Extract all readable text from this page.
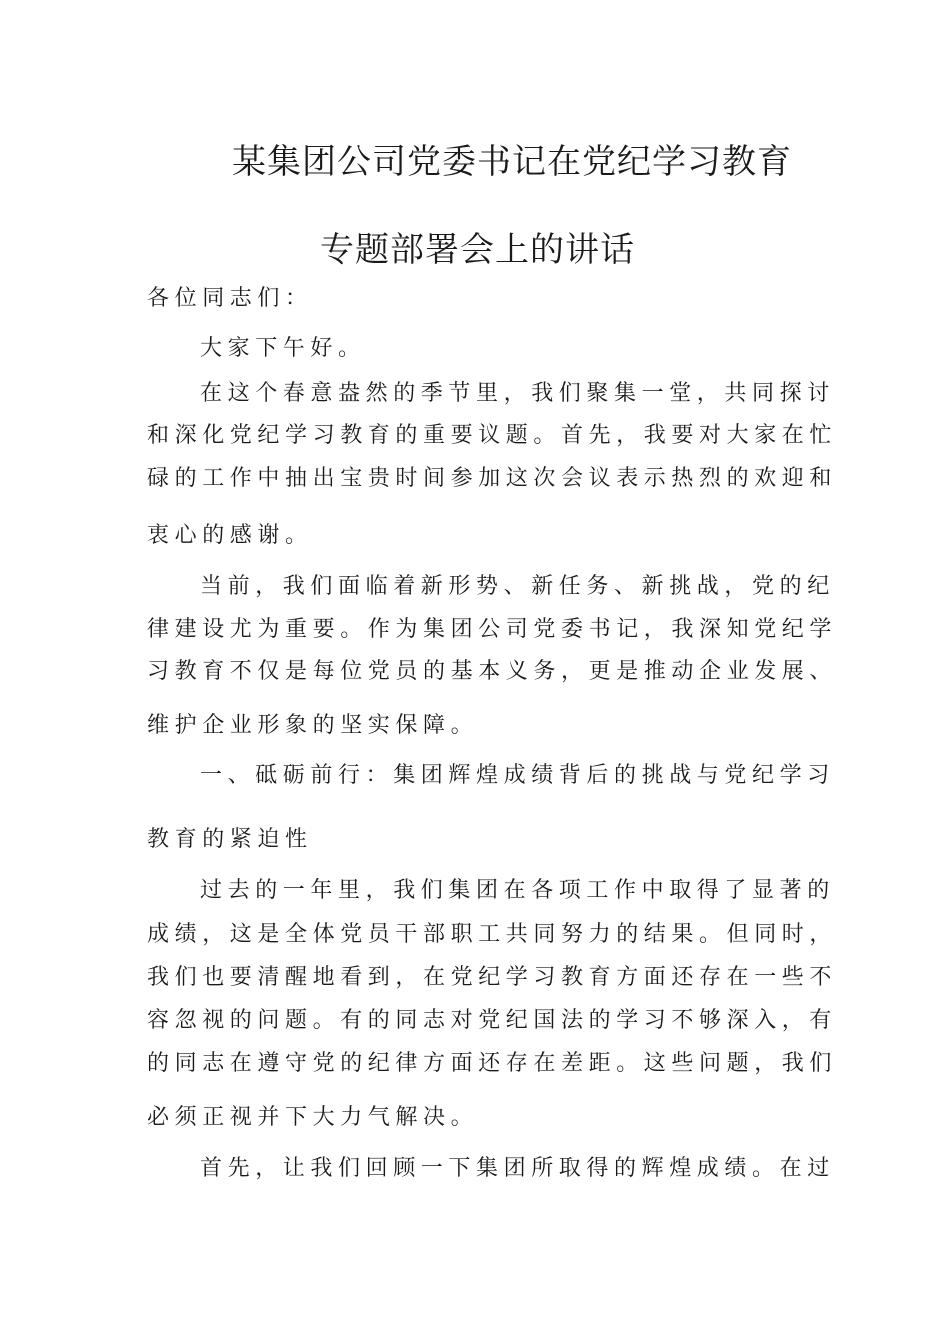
某集团公司党委书记在党纪学习教育
专题部署会上的讲话
各位同志们：
大家下午好。
在这个春意盎然的季节里，我们聚集一堂，共同探讨
和深化党纪学习教育的重要议题。首先，我要对大家在忙
碌的工作中抽出宝贵时间参加这次会议表示热烈的欢迎和
衷心的感谢。
当前，我们面临着新形势、新任务、新挑战，党的纪
律建设尤为重要。作为集团公司党委书记，我深知党纪学
习教育不仅是每位党员的基本义务，更是推动企业发展、
维护企业形象的坚实保障。
一、砥砺前行：集团辉煌成绩背后的挑战与党纪学习
教育的紧迫性
过去的一年里，我们集团在各项工作中取得了显著的
成绩，这是全体党员干部职工共同努力的结果。但同时，
我们也要清醒地看到，在党纪学习教育方面还存在一些不
容忽视的问题。有的同志对党纪国法的学习不够深入，有
的同志在遵守党的纪律方面还存在差距。这些问题，我们
必须正视并下大力气解决。
首先，让我们回顾一下集团所取得的辉煌成绩。在过
